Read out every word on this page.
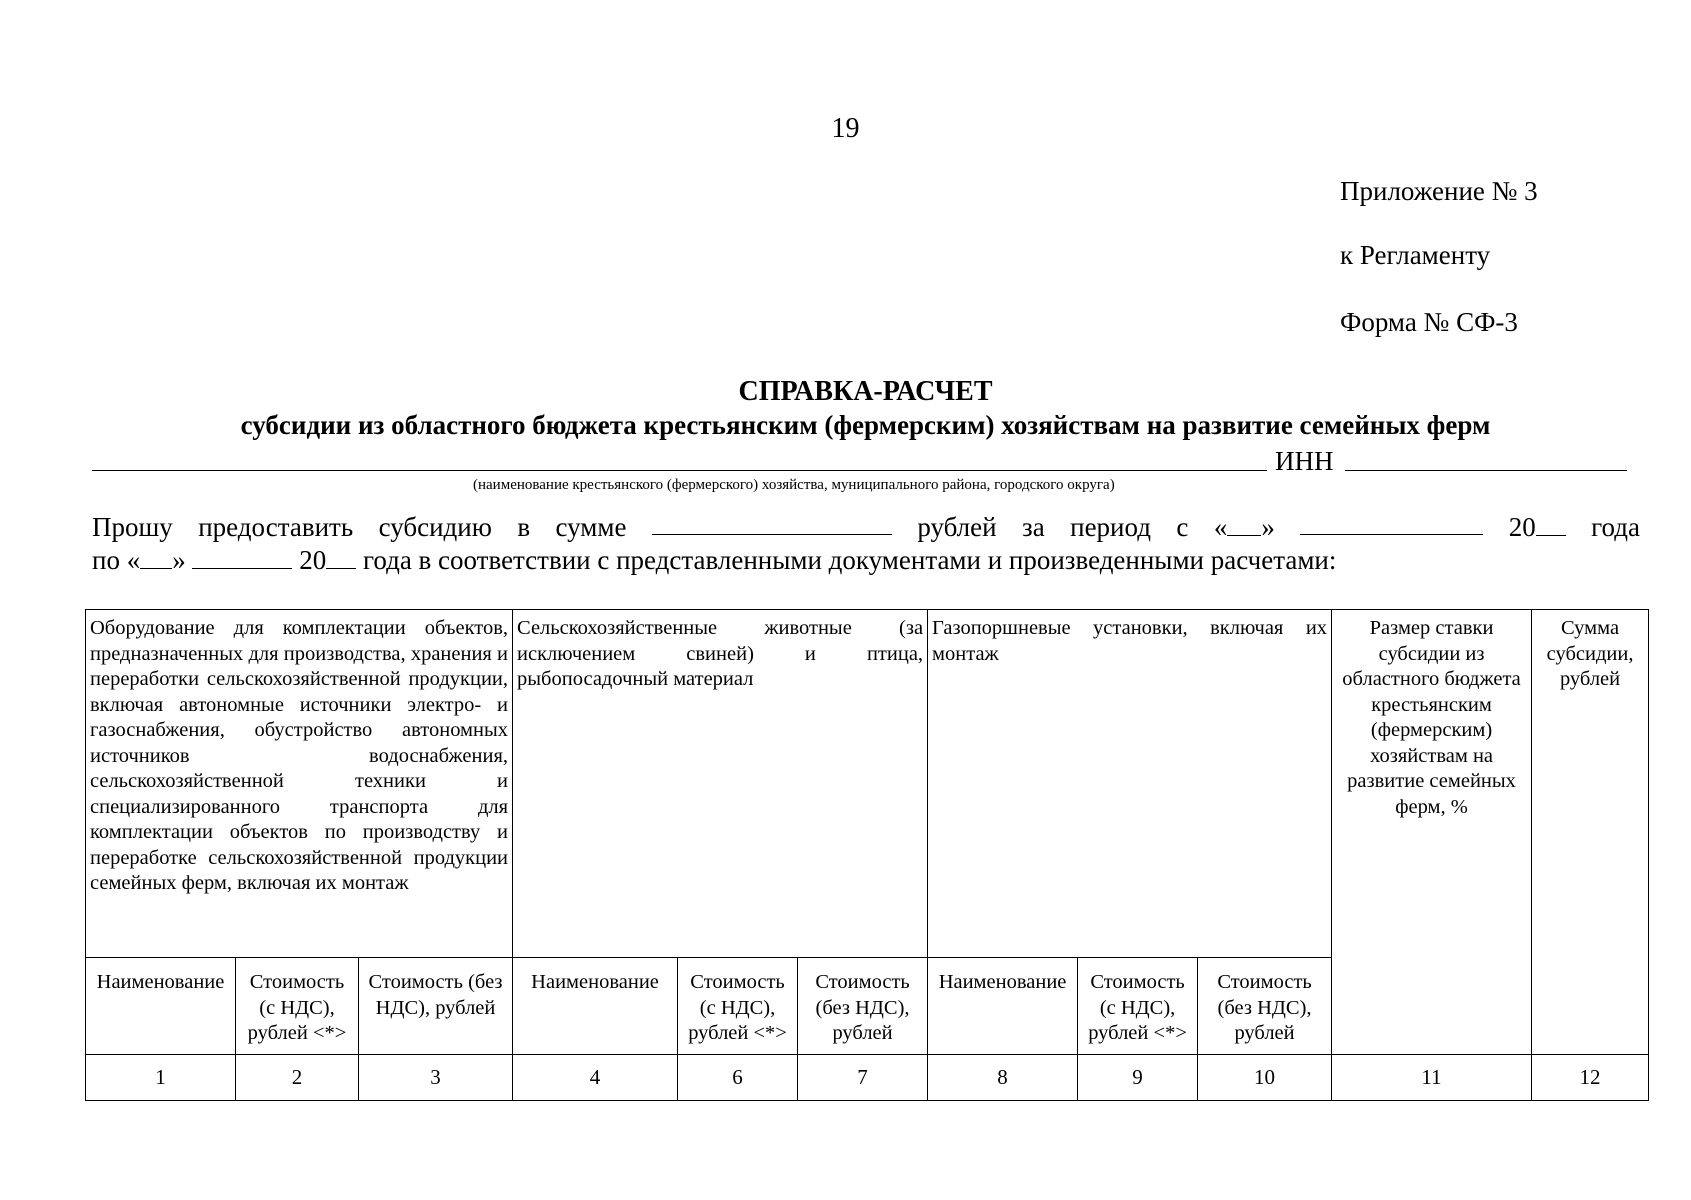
19
Приложение № 3
к Регламенту
Форма № СФ-3
СПРАВКА-РАСЧЕТ
субсидии из областного бюджета крестьянским (фермерским) хозяйствам на развитие семейных ферм
ИНН
(наименование крестьянского (фермерского) хозяйства, муниципального района, городского округа)
Прошу предоставить субсидию в сумме	рублей за период с « »	20	года
по « »	20 года в соответствии с представленными документами и произведенными расчетами:
Оборудование для комплектации объектов, предназначенных для производства, хранения и переработки сельскохозяйственной продукции, включая автономные источники электро- и газоснабжения, обустройство автономных источников водоснабжения, сельскохозяйственной техники и специализированного транспорта для комплектации объектов по производству и переработке сельскохозяйственной продукции семейных ферм, включая их монтаж			Сельскохозяйственные животные (за исключением свиней) и птица, рыбопосадочный материал			Газопоршневые установки, включая их монтаж			Размер ставки субсидии из областного бюджета крестьянским (фермерским) хозяйствам на развитие семейных ферм, %	Сумма субсидии, рублей
Наименование	Стоимость (с НДС), рублей <*>	Стоимость (без НДС), рублей	Наименование	Стоимость (с НДС), рублей <*>	Стоимость (без НДС), рублей	Наименование	Стоимость (с НДС), рублей <*>	Стоимость (без НДС), рублей		
1	2	3	4	6	7	8	9	10	11	12
